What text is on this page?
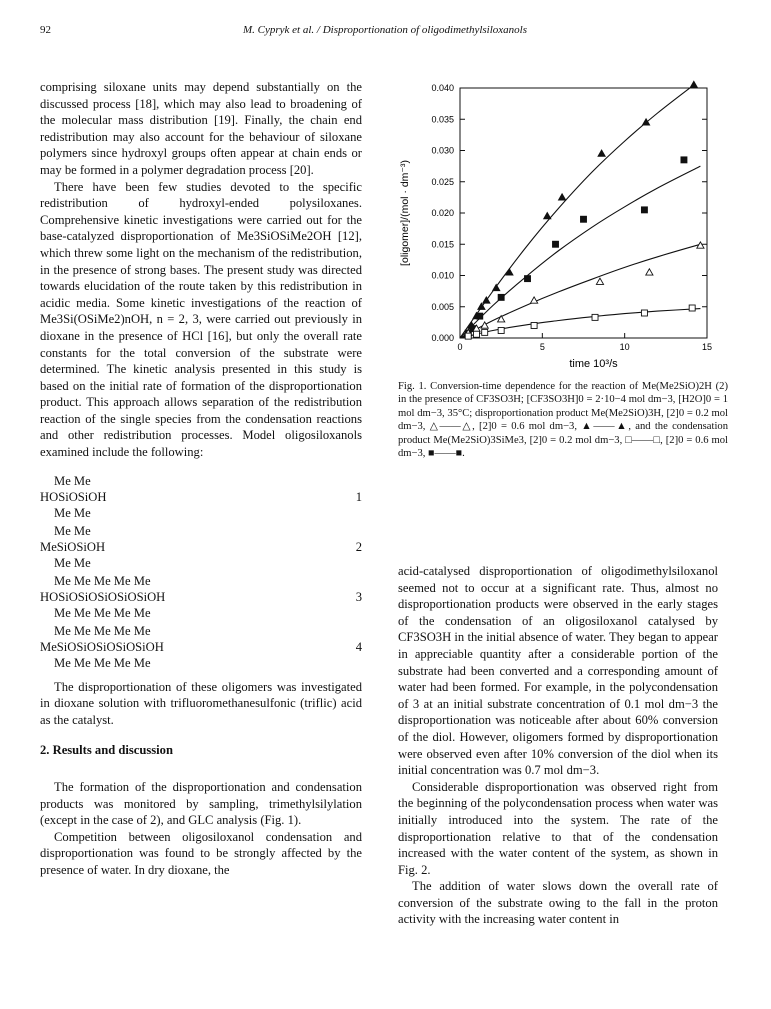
92	M. Cypryk et al. / Disproportionation of oligodimethylsiloxanols

comprising siloxane units may depend substantially on the discussed process [18], which may also lead to broadening of the molecular mass distribution [19]. Finally, the chain end redistribution may also account for the behaviour of siloxane polymers since hydroxyl groups often appear at chain ends or may be formed in a polymer degradation process [20].

There have been few studies devoted to the specific redistribution of hydroxyl-ended polysiloxanes. Comprehensive kinetic investigations were carried out for the base-catalyzed disproportionation of Me3SiOSiMe2OH [12], which threw some light on the mechanism of the redistribution, in the presence of strong bases. The present study was directed towards elucidation of the route taken by this redistribution in acidic media. Some kinetic investigations of the reaction of Me3Si(OSiMe2)nOH, n = 2, 3, were carried out previously in dioxane in the presence of HCl [16], but only the overall rate constants for the total conversion of the substrate were determined. The kinetic analysis presented in this study is based on the initial rate of formation of the disproportionation product. This approach allows separation of the redistribution reaction of the single species from the condensation reactions and other redistribution processes. Model oligosiloxanols examined include the following:

Me Me
HOSiOSiOH
Me Me
1
Me Me
MeSiOSiOH
Me Me
2
Me Me Me Me Me
HOSiOSiOSiOSiOSiOH
Me Me Me Me Me
3
Me Me Me Me Me
MeSiOSiOSiOSiOSiOH
Me Me Me Me Me
4

The disproportionation of these oligomers was investigated in dioxane solution with trifluoromethanesulfonic (triflic) acid as the catalyst.

2. Results and discussion

The formation of the disproportionation and condensation products was monitored by sampling, trimethylsilylation (except in the case of 2), and GLC analysis (Fig. 1).

Competition between oligosiloxanol condensation and disproportionation was found to be strongly affected by the presence of water. In dry dioxane, the

0.000
0.005
0.010
0.015
0.020
0.025
0.030
0.035
0.040
0	5	10	15
time 10³/s
[oligomer]/(mol · dm⁻³)
Fig. 1. Conversion-time dependence for the reaction of Me(Me2SiO)2H (2) in the presence of CF3SO3H; [CF3SO3H]0 = 2·10−4 mol dm−3, [H2O]0 = 1 mol dm−3, 35°C; disproportionation product Me(Me2SiO)3H, [2]0 = 0.2 mol dm−3, △——△, [2]0 = 0.6 mol dm−3, ▲——▲, and the condensation product Me(Me2SiO)3SiMe3, [2]0 = 0.2 mol dm−3, □——□, [2]0 = 0.6 mol dm−3, ■——■.

acid-catalysed disproportionation of oligodimethylsiloxanol seemed not to occur at a significant rate. Thus, almost no disproportionation products were observed in the early stages of the condensation of an oligosiloxanol catalysed by CF3SO3H in the initial absence of water. They began to appear in appreciable quantity after a considerable portion of the substrate had been converted and a corresponding amount of water had been formed. For example, in the polycondensation of 3 at an initial substrate concentration of 0.1 mol dm−3 the disproportionation was noticeable after about 60% conversion of the diol. However, oligomers formed by disproportionation were observed even after 10% conversion of the diol when its initial concentration was 0.7 mol dm−3.

Considerable disproportionation was observed right from the beginning of the polycondensation process when water was initially introduced into the system. The rate of the disproportionation relative to that of the condensation increased with the water content of the system, as shown in Fig. 2.

The addition of water slows down the overall rate of conversion of the substrate owing to the fall in the proton activity with the increasing water content in
